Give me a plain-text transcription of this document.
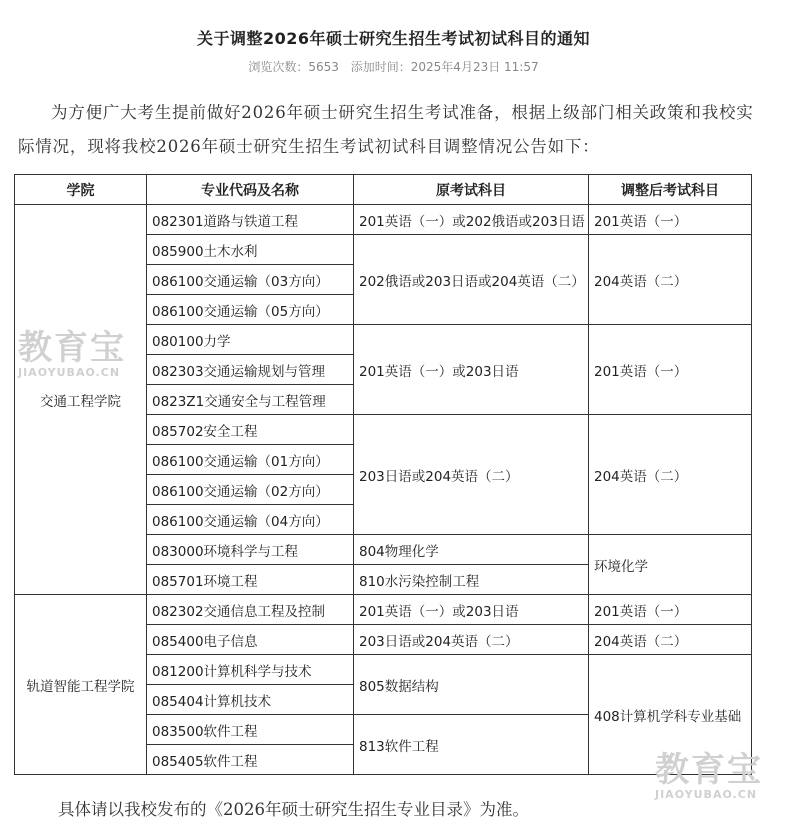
关于调整2026年硕士研究生招生考试初试科目的通知
浏览次数：5653 添加时间：2025年4月23日 11:57
为方便广大考生提前做好2026年硕士研究生招生考试准备，根据上级部门相关政策和我校实际情况，现将我校2026年硕士研究生招生考试初试科目调整情况公告如下：
学院	专业代码及名称	原考试科目	调整后考试科目
交通工程学院	082301道路与铁道工程	201英语（一）或202俄语或203日语	201英语（一）
	085900土木水利	202俄语或203日语或204英语（二）	204英语（二）
	086100交通运输（03方向）		
	086100交通运输（05方向）		
	080100力学	201英语（一）或203日语	201英语（一）
	082303交通运输规划与管理		
	0823Z1交通安全与工程管理		
	085702安全工程	203日语或204英语（二）	204英语（二）
	086100交通运输（01方向）		
	086100交通运输（02方向）		
	086100交通运输（04方向）		
	083000环境科学与工程	804物理化学	环境化学
	085701环境工程	810水污染控制工程	
轨道智能工程学院	082302交通信息工程及控制	201英语（一）或203日语	201英语（一）
	085400电子信息	203日语或204英语（二）	204英语（二）
	081200计算机科学与技术	805数据结构	408计算机学科专业基础
	085404计算机技术		
	083500软件工程	813软件工程	
	085405软件工程		
具体请以我校发布的《2026年硕士研究生招生专业目录》为准。
教育宝
JIAOYUBAO.CN
教育宝
JIAOYUBAO.CN
